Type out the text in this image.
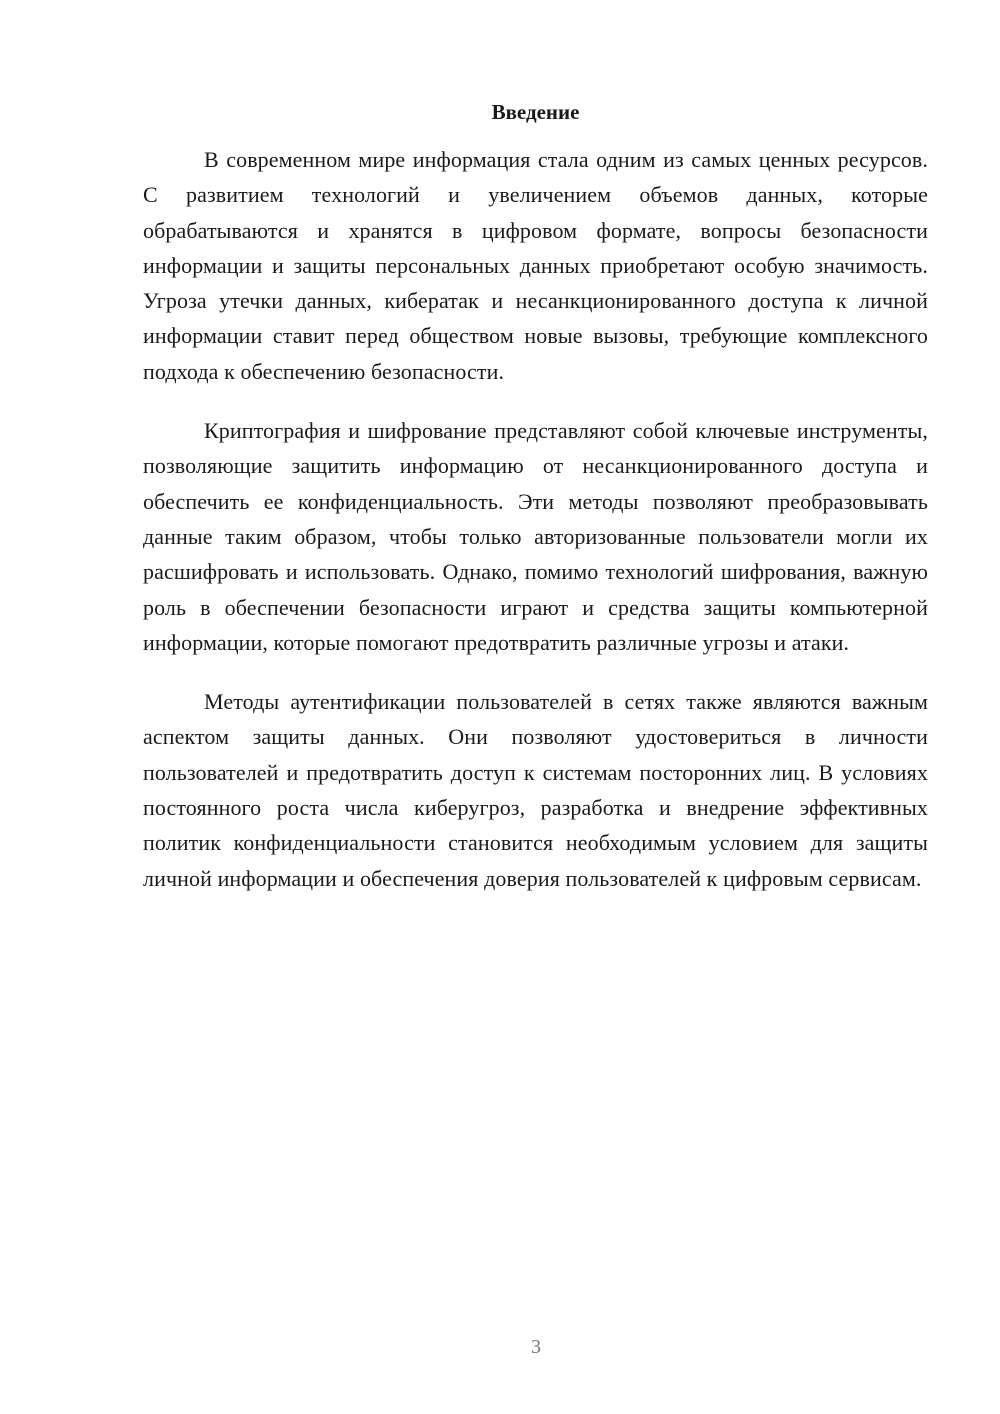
Введение

В современном мире информация стала одним из самых ценных ресурсов. С развитием технологий и увеличением объемов данных, которые обрабатываются и хранятся в цифровом формате, вопросы безопасности информации и защиты персональных данных приобретают особую значимость. Угроза утечки данных, кибератак и несанкционированного доступа к личной информации ставит перед обществом новые вызовы, требующие комплексного подхода к обеспечению безопасности.

Криптография и шифрование представляют собой ключевые инструменты, позволяющие защитить информацию от несанкционированного доступа и обеспечить ее конфиденциальность. Эти методы позволяют преобразовывать данные таким образом, чтобы только авторизованные пользователи могли их расшифровать и использовать. Однако, помимо технологий шифрования, важную роль в обеспечении безопасности играют и средства защиты компьютерной информации, которые помогают предотвратить различные угрозы и атаки.

Методы аутентификации пользователей в сетях также являются важным аспектом защиты данных. Они позволяют удостовериться в личности пользователей и предотвратить доступ к системам посторонних лиц. В условиях постоянного роста числа киберугроз, разработка и внедрение эффективных политик конфиденциальности становится необходимым условием для защиты личной информации и обеспечения доверия пользователей к цифровым сервисам.

3
